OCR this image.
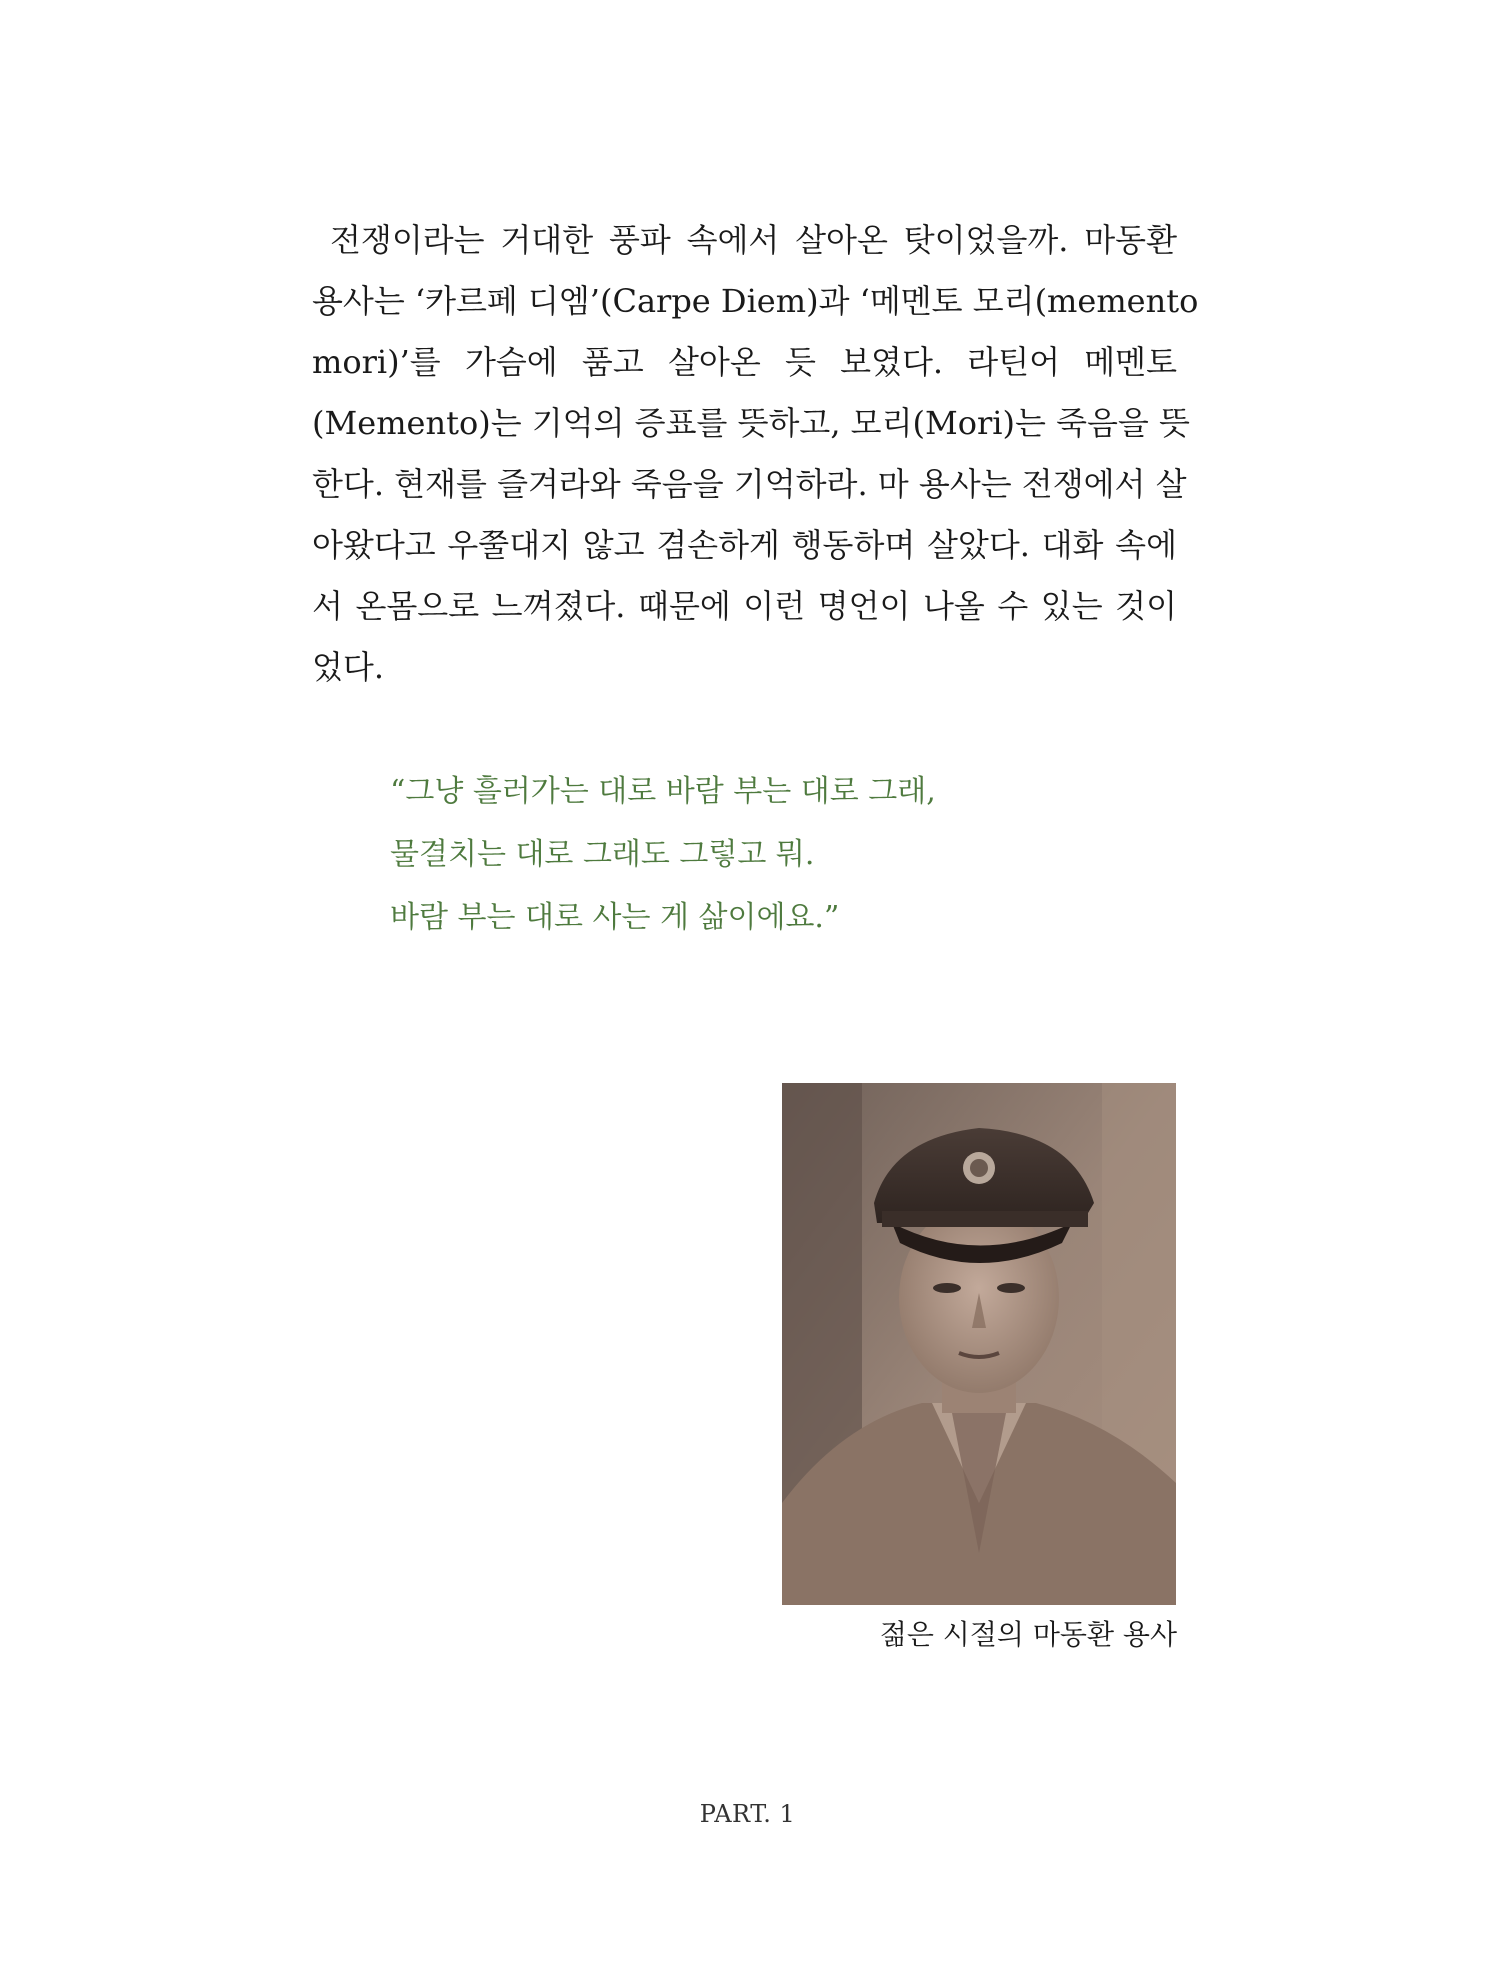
전쟁이라는 거대한 풍파 속에서 살아온 탓이었을까. 마동환
용사는 ‘카르페 디엠’(Carpe Diem)과 ‘메멘토 모리(memento
mori)’를 가슴에 품고 살아온 듯 보였다. 라틴어 메멘토
(Memento)는 기억의 증표를 뜻하고, 모리(Mori)는 죽음을 뜻
한다. 현재를 즐겨라와 죽음을 기억하라. 마 용사는 전쟁에서 살
아왔다고 우쭐대지 않고 겸손하게 행동하며 살았다. 대화 속에
서 온몸으로 느껴졌다. 때문에 이런 명언이 나올 수 있는 것이
었다.
“그냥 흘러가는 대로 바람 부는 대로 그래,
물결치는 대로 그래도 그렇고 뭐.
바람 부는 대로 사는 게 삶이에요.”
젊은 시절의 마동환 용사
PART. 1
